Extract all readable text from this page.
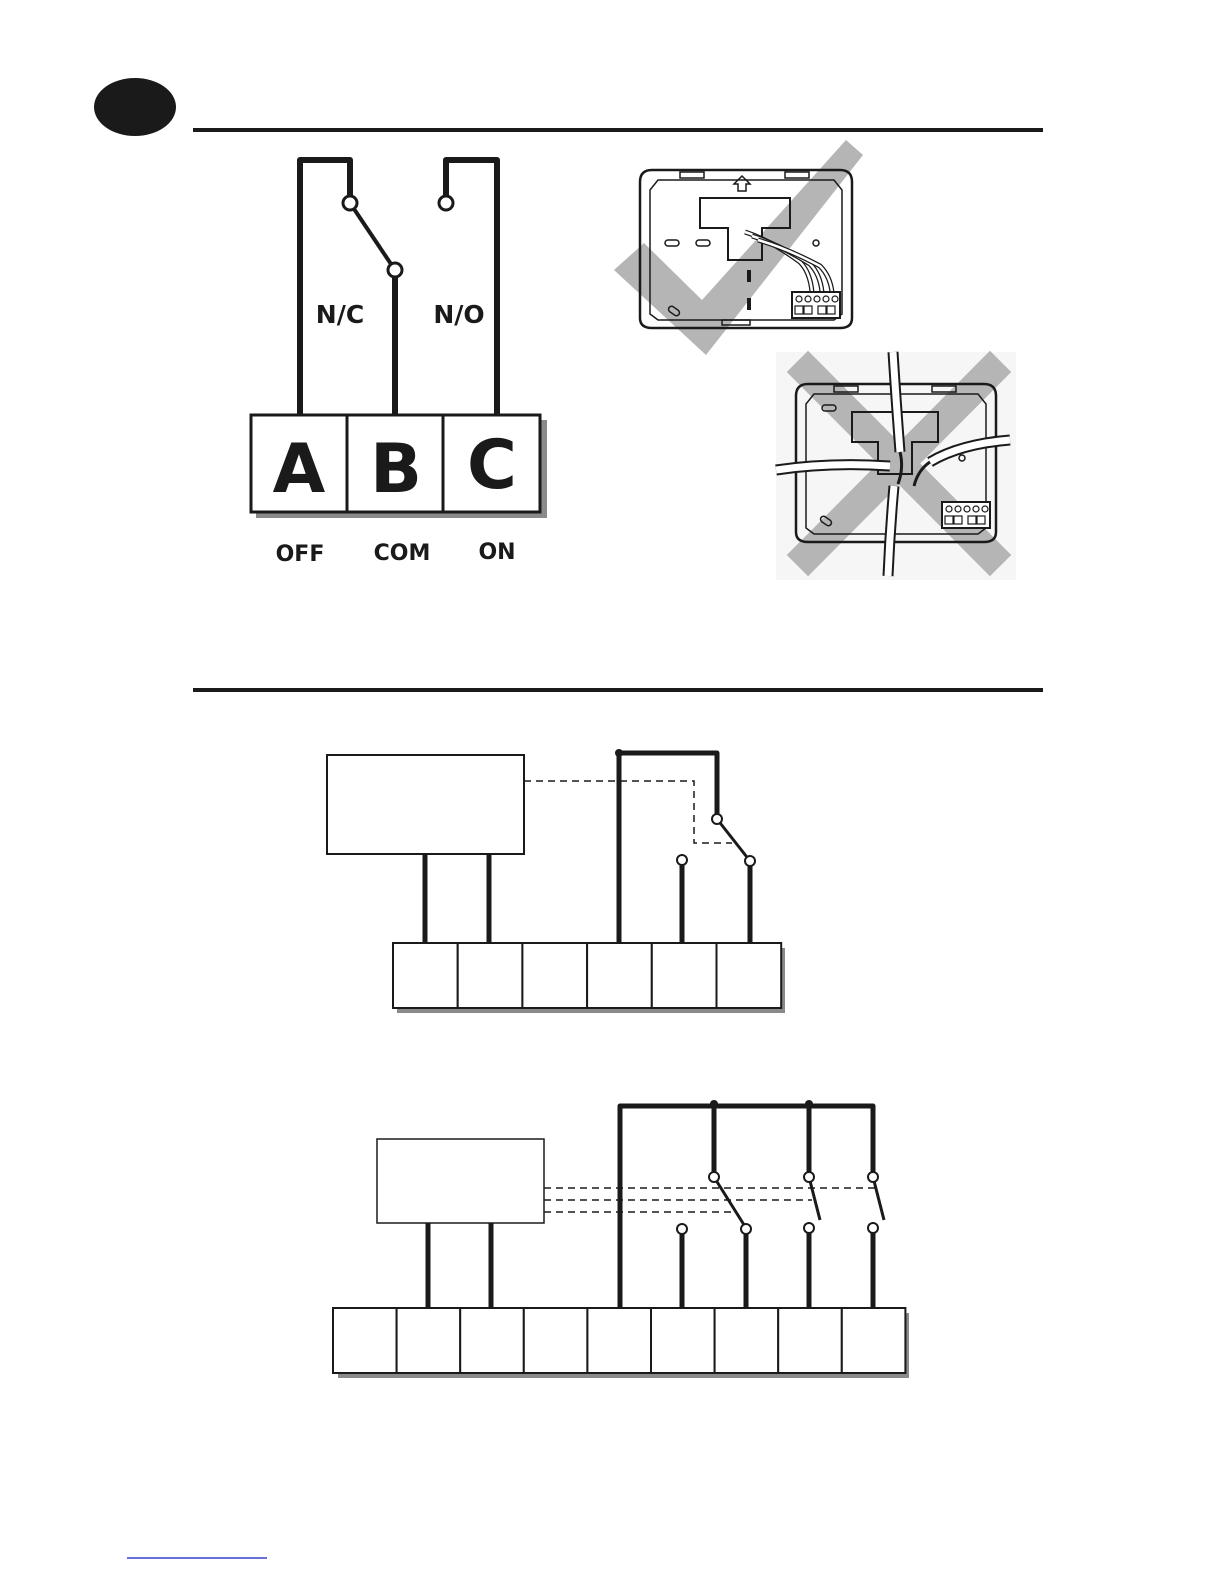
N/C	N/O
A B C
OFF COM ON
